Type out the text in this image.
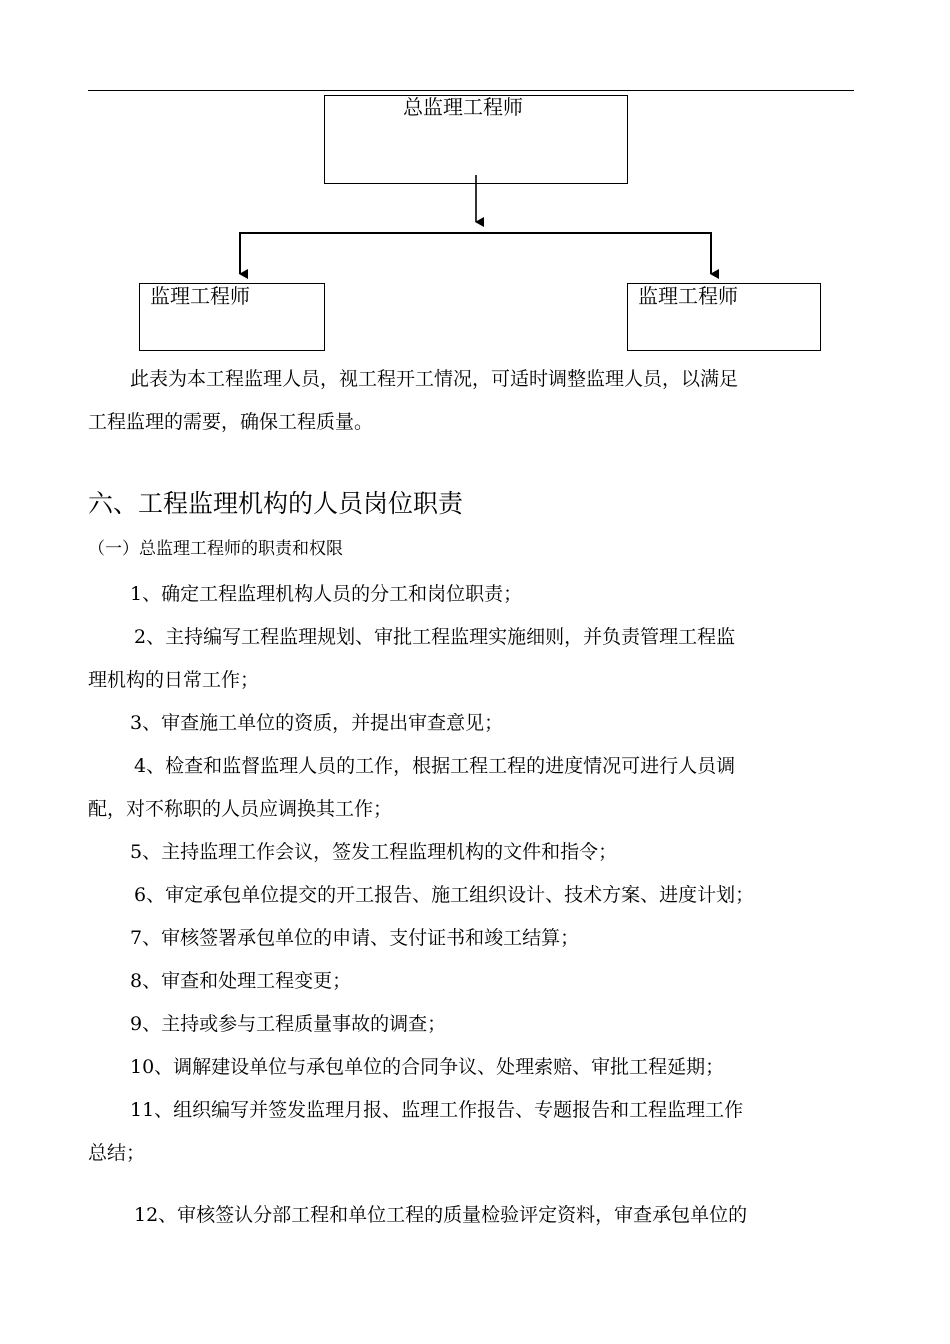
总监理工程师
监理工程师	监理工程师
此表为本工程监理人员，视工程开工情况，可适时调整监理人员，以满足
工程监理的需要，确保工程质量。
六、工程监理机构的人员岗位职责
（一）总监理工程师的职责和权限
1、确定工程监理机构人员的分工和岗位职责；
2、主持编写工程监理规划、审批工程监理实施细则，并负责管理工程监
理机构的日常工作；
3、审查施工单位的资质，并提出审查意见；
4、检查和监督监理人员的工作，根据工程工程的进度情况可进行人员调
配，对不称职的人员应调换其工作；
5、主持监理工作会议，签发工程监理机构的文件和指令；
6、审定承包单位提交的开工报告、施工组织设计、技术方案、进度计划；
7、审核签署承包单位的申请、支付证书和竣工结算；
8、审查和处理工程变更；
9、主持或参与工程质量事故的调查；
10、调解建设单位与承包单位的合同争议、处理索赔、审批工程延期；
11、组织编写并签发监理月报、监理工作报告、专题报告和工程监理工作
总结；
12、审核签认分部工程和单位工程的质量检验评定资料，审查承包单位的
